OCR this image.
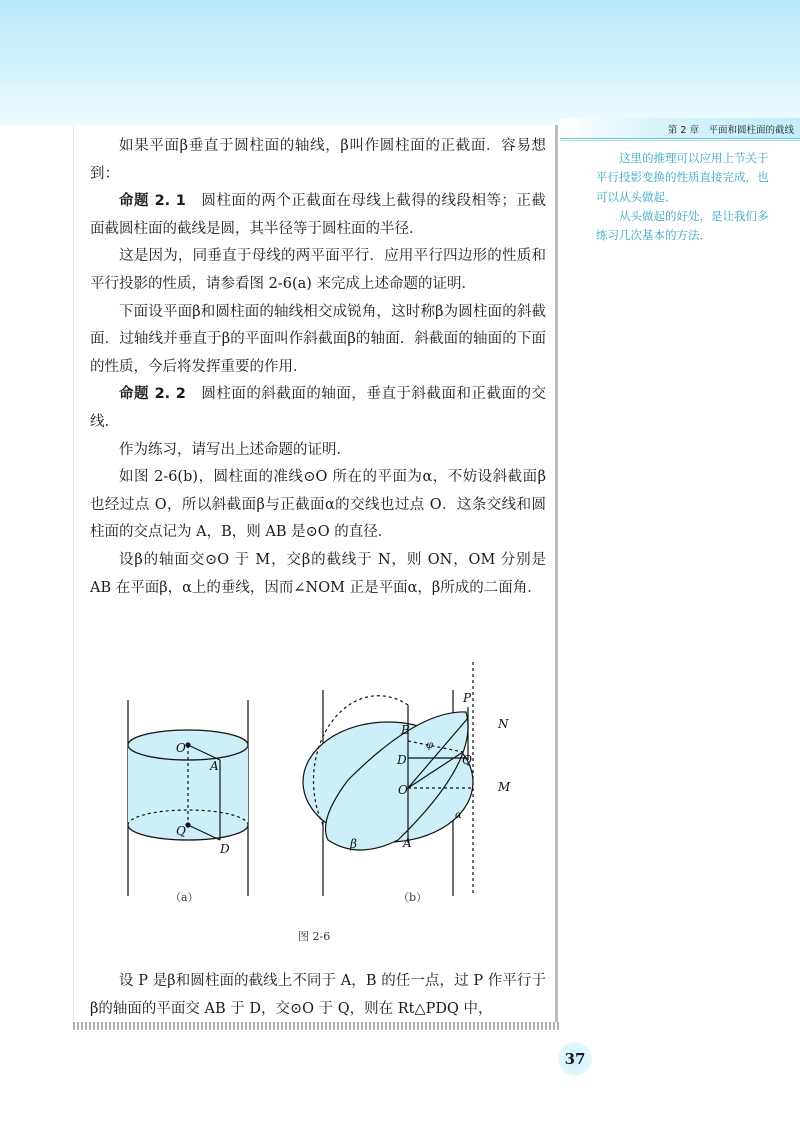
第 2 章　平面和圆柱面的截线

如果平面β垂直于圆柱面的轴线，β叫作圆柱面的正截面．容易想到：

命题 2. 1　圆柱面的两个正截面在母线上截得的线段相等；正截面截圆柱面的截线是圆，其半径等于圆柱面的半径．

这是因为，同垂直于母线的两平面平行．应用平行四边形的性质和平行投影的性质，请参看图 2-6(a) 来完成上述命题的证明．

下面设平面β和圆柱面的轴线相交成锐角，这时称β为圆柱面的斜截面．过轴线并垂直于β的平面叫作斜截面β的轴面．斜截面的轴面的下面的性质，今后将发挥重要的作用．

命题 2. 2　圆柱面的斜截面的轴面，垂直于斜截面和正截面的交线．

作为练习，请写出上述命题的证明．

如图 2-6(b)，圆柱面的准线⊙O 所在的平面为α，不妨设斜截面β也经过点 O，所以斜截面β与正截面α的交线也过点 O．这条交线和圆柱面的交点记为 A，B，则 AB 是⊙O 的直径．

设β的轴面交⊙O 于 M，交β的截线于 N，则 ON，OM 分别是 AB 在平面β，α上的垂线，因而∠NOM 正是平面α，β所成的二面角．

这里的推理可以应用上节关于平行投影变换的性质直接完成，也可以从头做起．

从头做起的好处，是让我们多练习几次基本的方法．

O
A
Q
D
（a）
P
N
B
D	Q
O	M
A
α
β
φ
（b）
图 2-6

设 P 是β和圆柱面的截线上不同于 A，B 的任一点，过 P 作平行于β的轴面的平面交 AB 于 D，交⊙O 于 Q，则在 Rt△PDQ 中，

37
